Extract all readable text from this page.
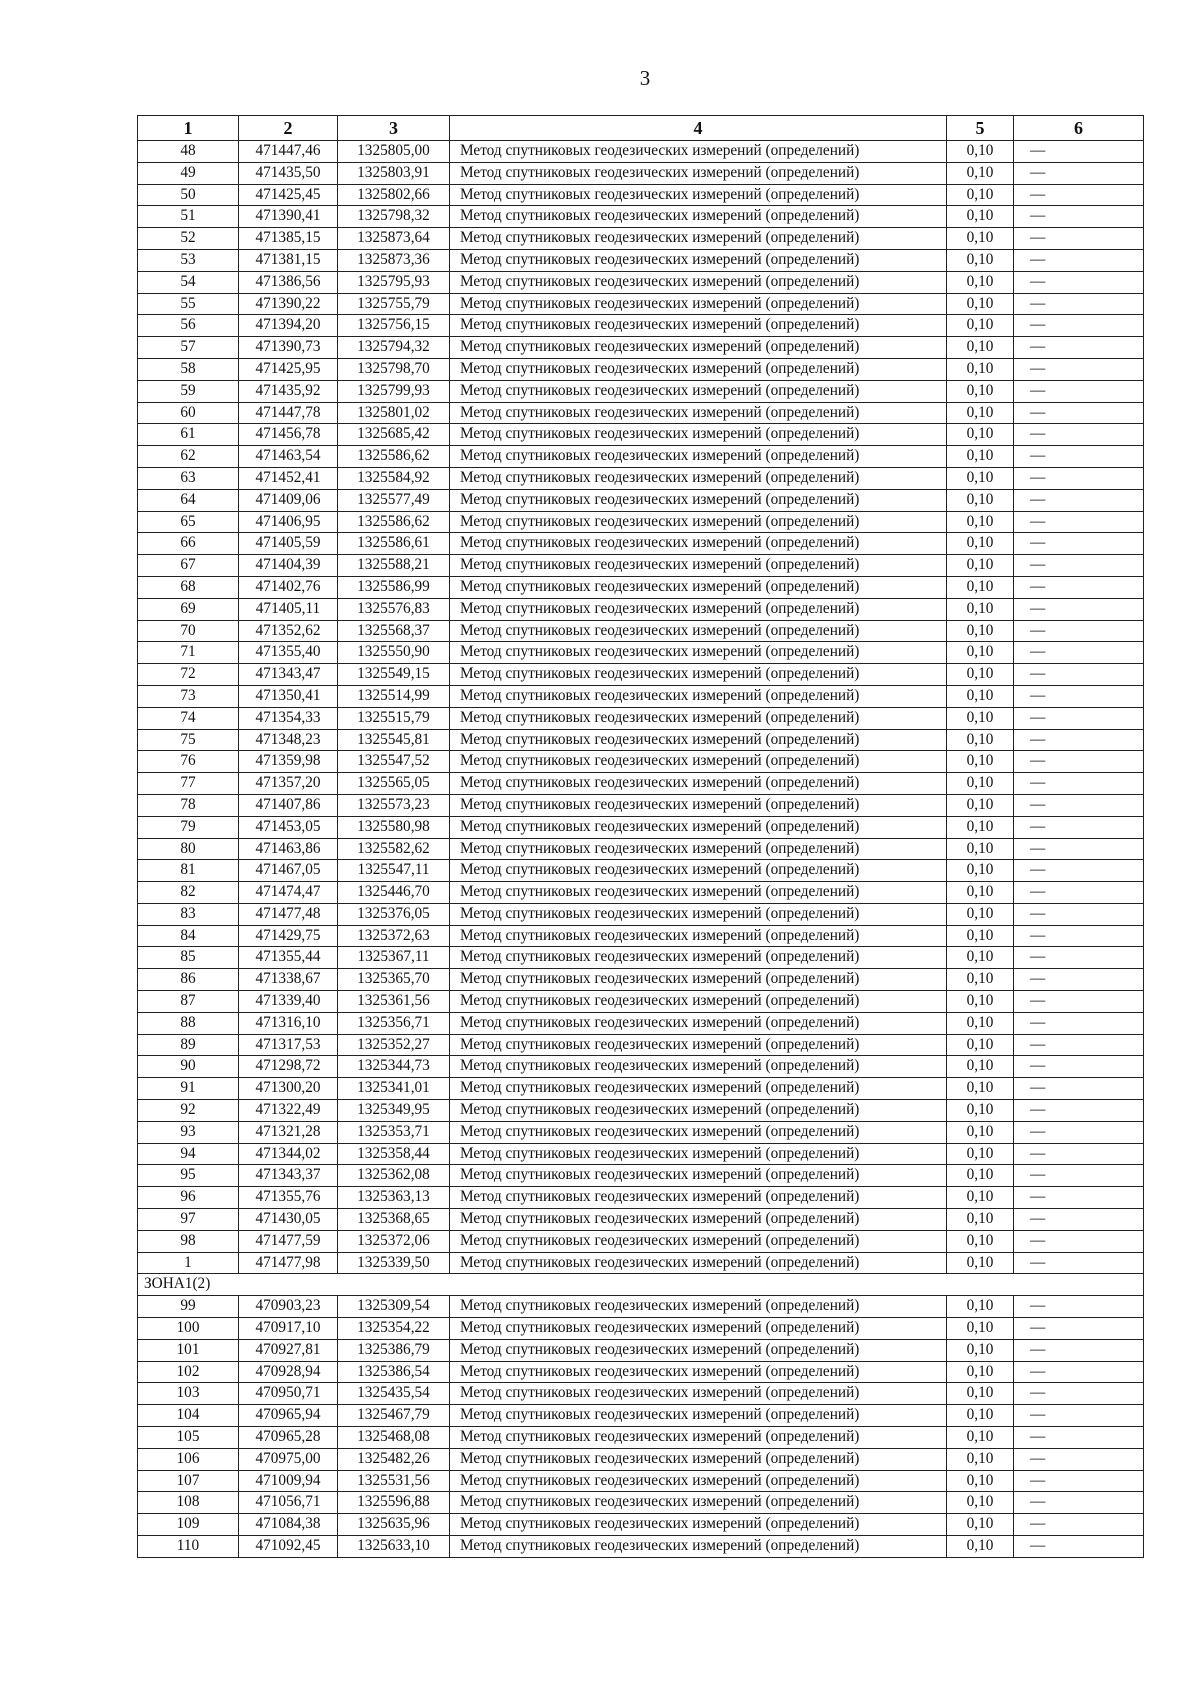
3
1	2	3	4	5	6
48	471447,46	1325805,00	Метод спутниковых геодезических измерений (определений)	0,10	—
49	471435,50	1325803,91	Метод спутниковых геодезических измерений (определений)	0,10	—
50	471425,45	1325802,66	Метод спутниковых геодезических измерений (определений)	0,10	—
51	471390,41	1325798,32	Метод спутниковых геодезических измерений (определений)	0,10	—
52	471385,15	1325873,64	Метод спутниковых геодезических измерений (определений)	0,10	—
53	471381,15	1325873,36	Метод спутниковых геодезических измерений (определений)	0,10	—
54	471386,56	1325795,93	Метод спутниковых геодезических измерений (определений)	0,10	—
55	471390,22	1325755,79	Метод спутниковых геодезических измерений (определений)	0,10	—
56	471394,20	1325756,15	Метод спутниковых геодезических измерений (определений)	0,10	—
57	471390,73	1325794,32	Метод спутниковых геодезических измерений (определений)	0,10	—
58	471425,95	1325798,70	Метод спутниковых геодезических измерений (определений)	0,10	—
59	471435,92	1325799,93	Метод спутниковых геодезических измерений (определений)	0,10	—
60	471447,78	1325801,02	Метод спутниковых геодезических измерений (определений)	0,10	—
61	471456,78	1325685,42	Метод спутниковых геодезических измерений (определений)	0,10	—
62	471463,54	1325586,62	Метод спутниковых геодезических измерений (определений)	0,10	—
63	471452,41	1325584,92	Метод спутниковых геодезических измерений (определений)	0,10	—
64	471409,06	1325577,49	Метод спутниковых геодезических измерений (определений)	0,10	—
65	471406,95	1325586,62	Метод спутниковых геодезических измерений (определений)	0,10	—
66	471405,59	1325586,61	Метод спутниковых геодезических измерений (определений)	0,10	—
67	471404,39	1325588,21	Метод спутниковых геодезических измерений (определений)	0,10	—
68	471402,76	1325586,99	Метод спутниковых геодезических измерений (определений)	0,10	—
69	471405,11	1325576,83	Метод спутниковых геодезических измерений (определений)	0,10	—
70	471352,62	1325568,37	Метод спутниковых геодезических измерений (определений)	0,10	—
71	471355,40	1325550,90	Метод спутниковых геодезических измерений (определений)	0,10	—
72	471343,47	1325549,15	Метод спутниковых геодезических измерений (определений)	0,10	—
73	471350,41	1325514,99	Метод спутниковых геодезических измерений (определений)	0,10	—
74	471354,33	1325515,79	Метод спутниковых геодезических измерений (определений)	0,10	—
75	471348,23	1325545,81	Метод спутниковых геодезических измерений (определений)	0,10	—
76	471359,98	1325547,52	Метод спутниковых геодезических измерений (определений)	0,10	—
77	471357,20	1325565,05	Метод спутниковых геодезических измерений (определений)	0,10	—
78	471407,86	1325573,23	Метод спутниковых геодезических измерений (определений)	0,10	—
79	471453,05	1325580,98	Метод спутниковых геодезических измерений (определений)	0,10	—
80	471463,86	1325582,62	Метод спутниковых геодезических измерений (определений)	0,10	—
81	471467,05	1325547,11	Метод спутниковых геодезических измерений (определений)	0,10	—
82	471474,47	1325446,70	Метод спутниковых геодезических измерений (определений)	0,10	—
83	471477,48	1325376,05	Метод спутниковых геодезических измерений (определений)	0,10	—
84	471429,75	1325372,63	Метод спутниковых геодезических измерений (определений)	0,10	—
85	471355,44	1325367,11	Метод спутниковых геодезических измерений (определений)	0,10	—
86	471338,67	1325365,70	Метод спутниковых геодезических измерений (определений)	0,10	—
87	471339,40	1325361,56	Метод спутниковых геодезических измерений (определений)	0,10	—
88	471316,10	1325356,71	Метод спутниковых геодезических измерений (определений)	0,10	—
89	471317,53	1325352,27	Метод спутниковых геодезических измерений (определений)	0,10	—
90	471298,72	1325344,73	Метод спутниковых геодезических измерений (определений)	0,10	—
91	471300,20	1325341,01	Метод спутниковых геодезических измерений (определений)	0,10	—
92	471322,49	1325349,95	Метод спутниковых геодезических измерений (определений)	0,10	—
93	471321,28	1325353,71	Метод спутниковых геодезических измерений (определений)	0,10	—
94	471344,02	1325358,44	Метод спутниковых геодезических измерений (определений)	0,10	—
95	471343,37	1325362,08	Метод спутниковых геодезических измерений (определений)	0,10	—
96	471355,76	1325363,13	Метод спутниковых геодезических измерений (определений)	0,10	—
97	471430,05	1325368,65	Метод спутниковых геодезических измерений (определений)	0,10	—
98	471477,59	1325372,06	Метод спутниковых геодезических измерений (определений)	0,10	—
1	471477,98	1325339,50	Метод спутниковых геодезических измерений (определений)	0,10	—
ЗОНА1(2)					
99	470903,23	1325309,54	Метод спутниковых геодезических измерений (определений)	0,10	—
100	470917,10	1325354,22	Метод спутниковых геодезических измерений (определений)	0,10	—
101	470927,81	1325386,79	Метод спутниковых геодезических измерений (определений)	0,10	—
102	470928,94	1325386,54	Метод спутниковых геодезических измерений (определений)	0,10	—
103	470950,71	1325435,54	Метод спутниковых геодезических измерений (определений)	0,10	—
104	470965,94	1325467,79	Метод спутниковых геодезических измерений (определений)	0,10	—
105	470965,28	1325468,08	Метод спутниковых геодезических измерений (определений)	0,10	—
106	470975,00	1325482,26	Метод спутниковых геодезических измерений (определений)	0,10	—
107	471009,94	1325531,56	Метод спутниковых геодезических измерений (определений)	0,10	—
108	471056,71	1325596,88	Метод спутниковых геодезических измерений (определений)	0,10	—
109	471084,38	1325635,96	Метод спутниковых геодезических измерений (определений)	0,10	—
110	471092,45	1325633,10	Метод спутниковых геодезических измерений (определений)	0,10	—
